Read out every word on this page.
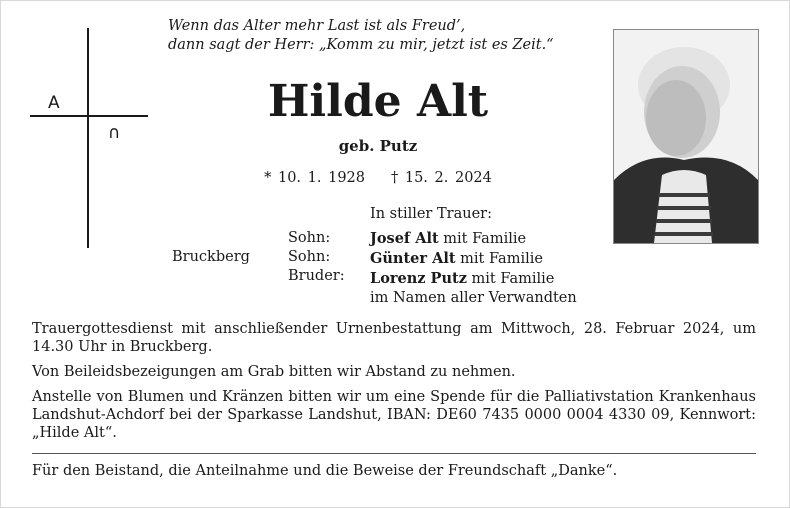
A
∩
Wenn das Alter mehr Last ist als Freud’,
dann sagt der Herr: „Komm zu mir, jetzt ist es Zeit.“
Hilde Alt
geb. Putz
* 10. 1. 1928 † 15. 2. 2024
In stiller Trauer:
Josef Alt mit Familie
Günter Alt mit Familie
Lorenz Putz mit Familie
im Namen aller Verwandten
Sohn:
Sohn:
Bruder:
Bruckberg

Trauergottesdienst mit anschließender Urnenbestattung am Mittwoch, 28. Februar 2024, um 14.30 Uhr in Bruckberg.

Von Beileidsbezeigungen am Grab bitten wir Abstand zu nehmen.

Anstelle von Blumen und Kränzen bitten wir um eine Spende für die Palliativstation Krankenhaus Landshut-Achdorf bei der Sparkasse Landshut, IBAN: DE60 7435 0000 0004 4330 09, Kennwort: „Hilde Alt“.

Für den Beistand, die Anteilnahme und die Beweise der Freundschaft „Danke“.
